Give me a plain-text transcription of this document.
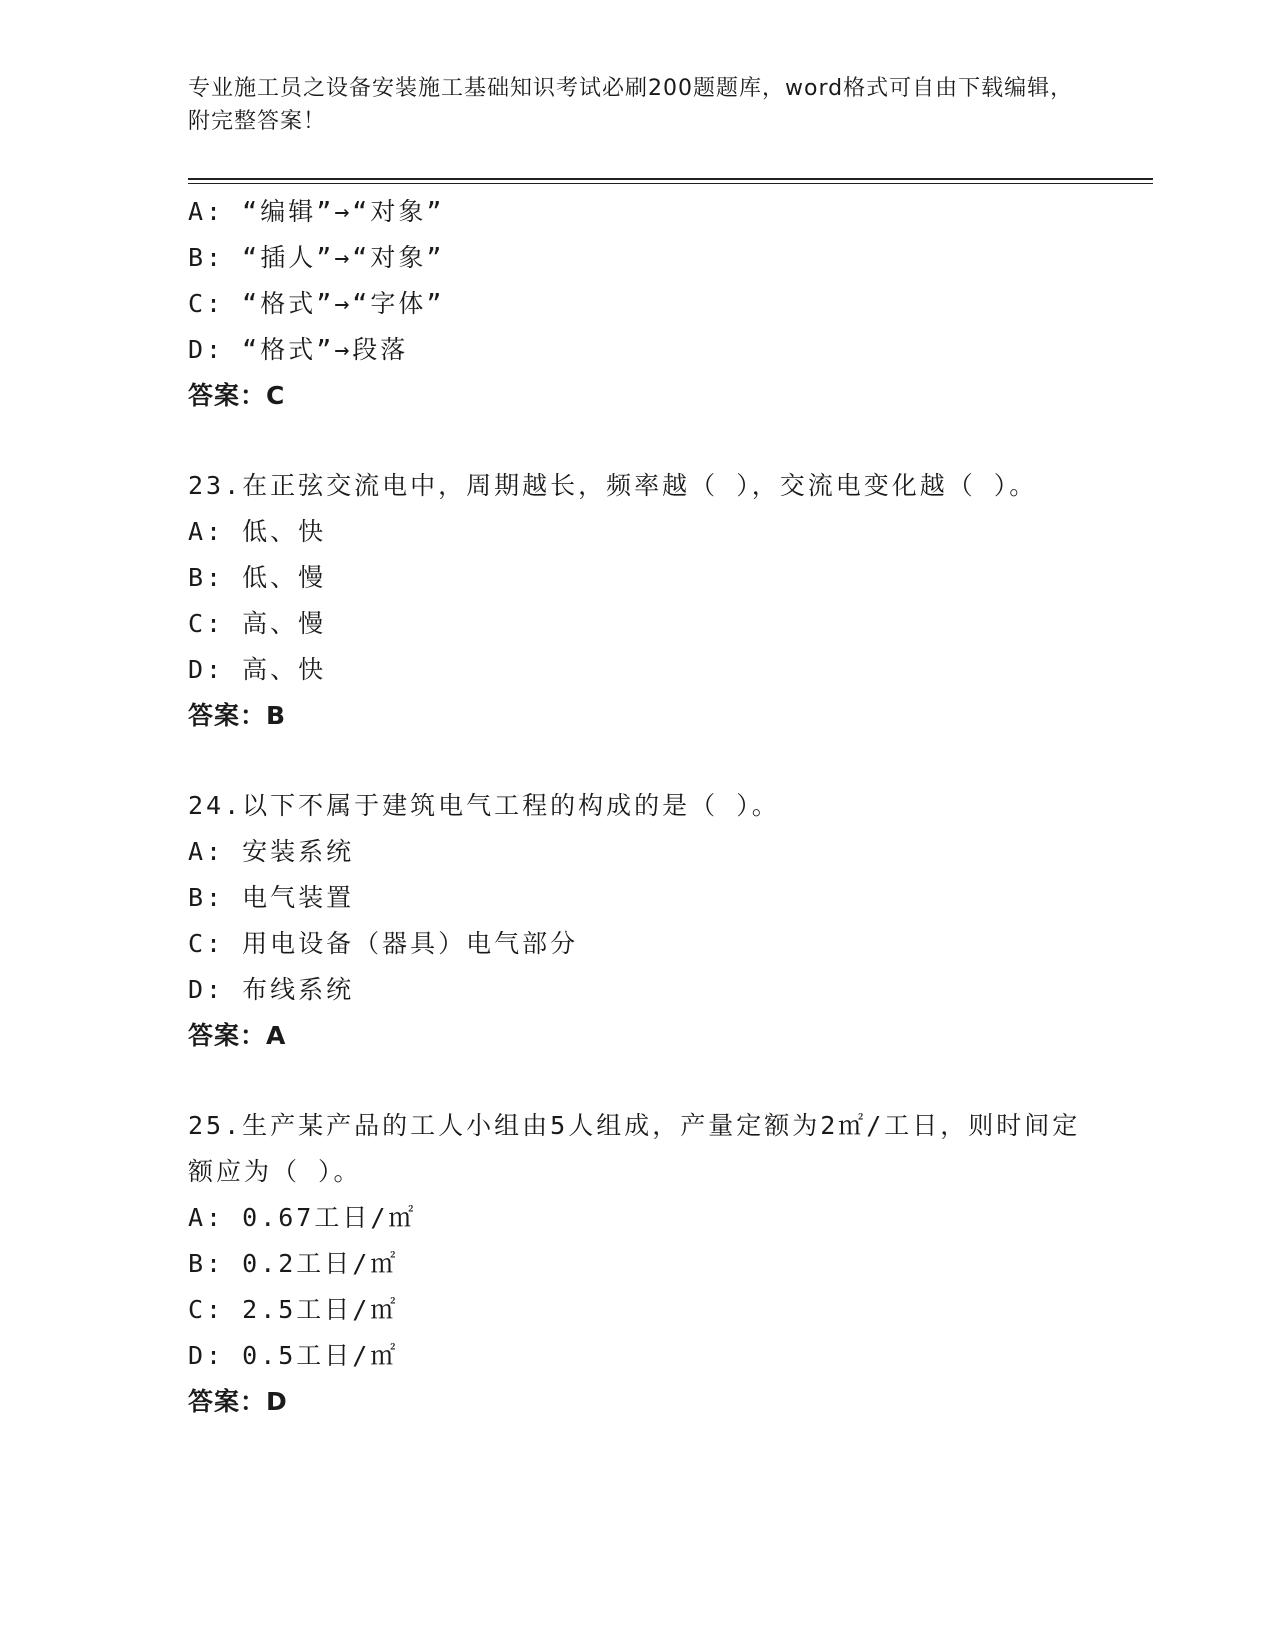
专业施工员之设备安装施工基础知识考试必刷200题题库，word格式可自由下载编辑，附完整答案！
A: “编辑”→“对象”
B: “插人”→“对象”
C: “格式”→“字体”
D: “格式”→段落
答案：C
23.在正弦交流电中，周期越长，频率越（ ），交流电变化越（ ）。
A: 低、快
B: 低、慢
C: 高、慢
D: 高、快
答案：B
24.以下不属于建筑电气工程的构成的是（ ）。
A: 安装系统
B: 电气装置
C: 用电设备（器具）电气部分
D: 布线系统
答案：A
25.生产某产品的工人小组由5人组成，产量定额为2㎡/工日，则时间定额应为（ ）。
A: 0.67工日/㎡
B: 0.2工日/㎡
C: 2.5工日/㎡
D: 0.5工日/㎡
答案：D
